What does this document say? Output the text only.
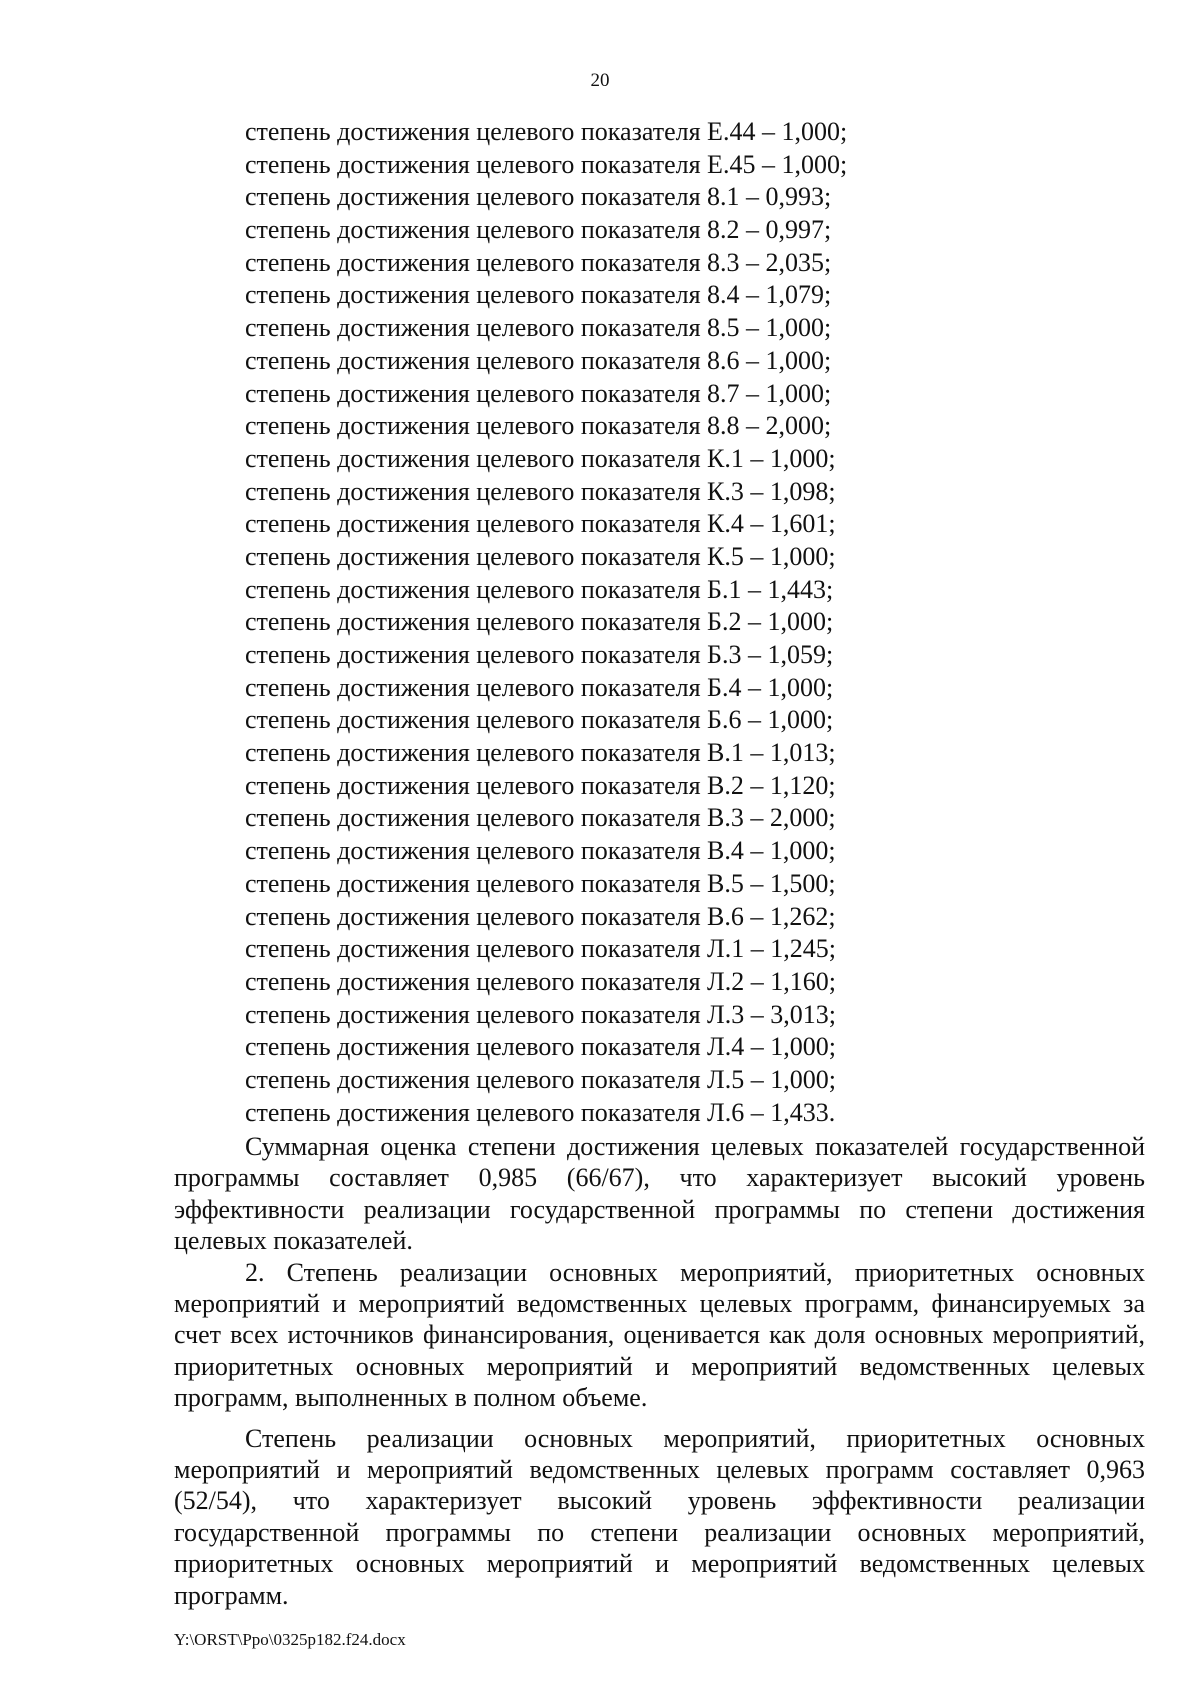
20
степень достижения целевого показателя Е.44 – 1,000;
степень достижения целевого показателя Е.45 – 1,000;
степень достижения целевого показателя 8.1 – 0,993;
степень достижения целевого показателя 8.2 – 0,997;
степень достижения целевого показателя 8.3 – 2,035;
степень достижения целевого показателя 8.4 – 1,079;
степень достижения целевого показателя 8.5 – 1,000;
степень достижения целевого показателя 8.6 – 1,000;
степень достижения целевого показателя 8.7 – 1,000;
степень достижения целевого показателя 8.8 – 2,000;
степень достижения целевого показателя К.1 – 1,000;
степень достижения целевого показателя К.3 – 1,098;
степень достижения целевого показателя К.4 – 1,601;
степень достижения целевого показателя К.5 – 1,000;
степень достижения целевого показателя Б.1 – 1,443;
степень достижения целевого показателя Б.2 – 1,000;
степень достижения целевого показателя Б.3 – 1,059;
степень достижения целевого показателя Б.4 – 1,000;
степень достижения целевого показателя Б.6 – 1,000;
степень достижения целевого показателя В.1 – 1,013;
степень достижения целевого показателя В.2 – 1,120;
степень достижения целевого показателя В.3 – 2,000;
степень достижения целевого показателя В.4 – 1,000;
степень достижения целевого показателя В.5 – 1,500;
степень достижения целевого показателя В.6 – 1,262;
степень достижения целевого показателя Л.1 – 1,245;
степень достижения целевого показателя Л.2 – 1,160;
степень достижения целевого показателя Л.3 – 3,013;
степень достижения целевого показателя Л.4 – 1,000;
степень достижения целевого показателя Л.5 – 1,000;
степень достижения целевого показателя Л.6 – 1,433.

Суммарная оценка степени достижения целевых показателей государственной программы составляет 0,985 (66/67), что характеризует высокий уровень эффективности реализации государственной программы по степени достижения целевых показателей.

2. Степень реализации основных мероприятий, приоритетных основных мероприятий и мероприятий ведомственных целевых программ, финансируемых за счет всех источников финансирования, оценивается как доля основных мероприятий, приоритетных основных мероприятий и мероприятий ведомственных целевых программ, выполненных в полном объеме.

Степень реализации основных мероприятий, приоритетных основных мероприятий и мероприятий ведомственных целевых программ составляет 0,963 (52/54), что характеризует высокий уровень эффективности реализации государственной программы по степени реализации основных мероприятий, приоритетных основных мероприятий и мероприятий ведомственных целевых программ.

Y:\ORST\Ppo\0325p182.f24.docx
